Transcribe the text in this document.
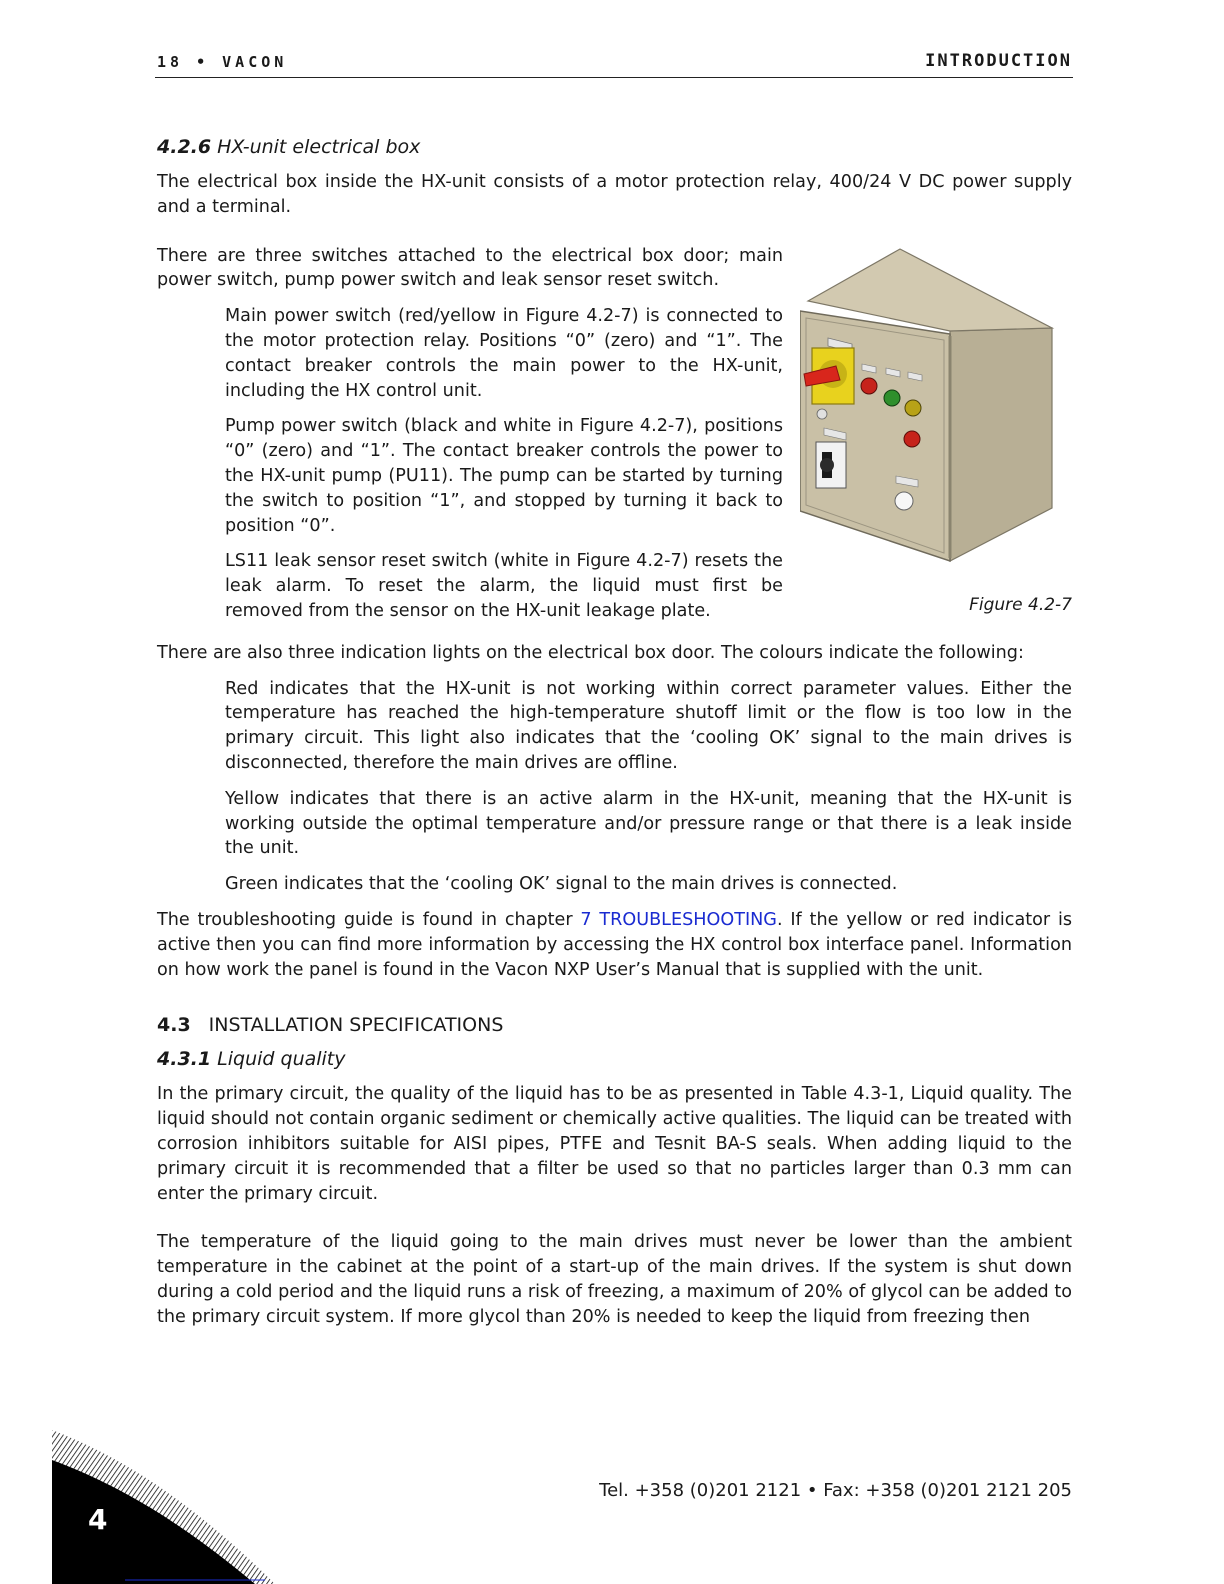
18 • VACON	INTRODUCTION
4.2.6 HX-unit electrical box

The electrical box inside the HX-unit consists of a motor protection relay, 400/24 V DC power supply and a terminal.

There are three switches attached to the electrical box door; main power switch, pump power switch and leak sensor reset switch.

Main power switch (red/yellow in Figure 4.2-7) is connected to the motor protection relay. Positions “0” (zero) and “1”. The contact breaker controls the main power to the HX-unit, including the HX control unit.

Pump power switch (black and white in Figure 4.2-7), positions “0” (zero) and “1”. The contact breaker controls the power to the HX-unit pump (PU11). The pump can be started by turning the switch to position “1”, and stopped by turning it back to position “0”.

LS11 leak sensor reset switch (white in Figure 4.2-7) resets the leak alarm. To reset the alarm, the liquid must first be removed from the sensor on the HX-unit leakage plate.	Figure 4.2-7

There are also three indication lights on the electrical box door. The colours indicate the following:

Red indicates that the HX-unit is not working within correct parameter values. Either the temperature has reached the high-temperature shutoff limit or the flow is too low in the primary circuit. This light also indicates that the ‘cooling OK’ signal to the main drives is disconnected, therefore the main drives are offline.

Yellow indicates that there is an active alarm in the HX-unit, meaning that the HX-unit is working outside the optimal temperature and/or pressure range or that there is a leak inside the unit.

Green indicates that the ‘cooling OK’ signal to the main drives is connected.

The troubleshooting guide is found in chapter 7 TROUBLESHOOTING. If the yellow or red indicator is active then you can find more information by accessing the HX control box interface panel. Information on how work the panel is found in the Vacon NXP User’s Manual that is supplied with the unit.

4.3 INSTALLATION SPECIFICATIONS
4.3.1 Liquid quality

In the primary circuit, the quality of the liquid has to be as presented in Table 4.3-1, Liquid quality. The liquid should not contain organic sediment or chemically active qualities. The liquid can be treated with corrosion inhibitors suitable for AISI pipes, PTFE and Tesnit BA-S seals. When adding liquid to the primary circuit it is recommended that a filter be used so that no particles larger than 0.3 mm can enter the primary circuit.

The temperature of the liquid going to the main drives must never be lower than the ambient temperature in the cabinet at the point of a start-up of the main drives. If the system is shut down during a cold period and the liquid runs a risk of freezing, a maximum of 20% of glycol can be added to the primary circuit system. If more glycol than 20% is needed to keep the liquid from freezing then

4
Tel. +358 (0)201 2121 • Fax: +358 (0)201 2121 205
